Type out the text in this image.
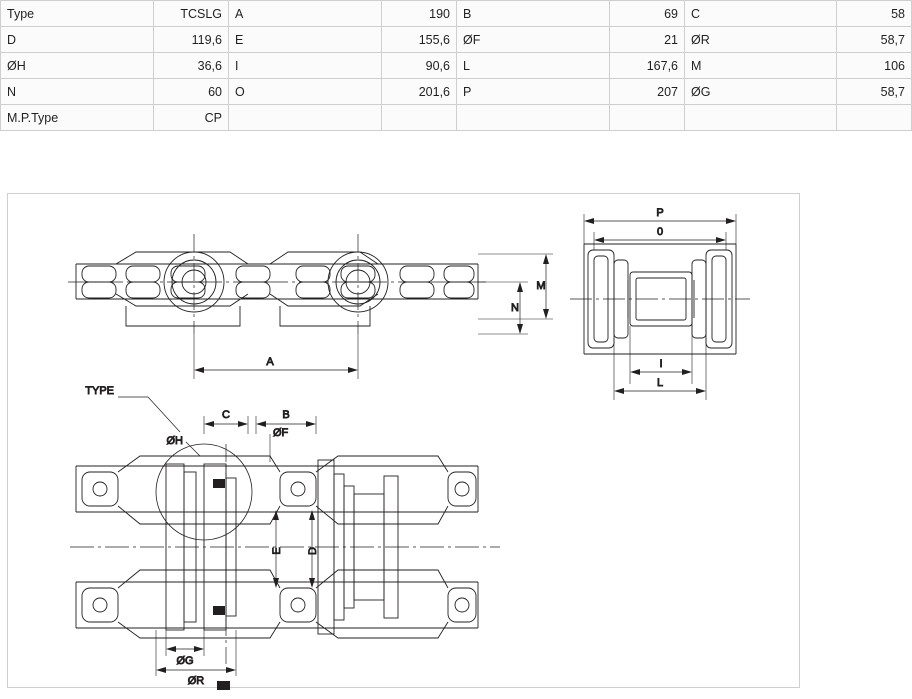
Type	TCSLG	A	190	B	69	C	58
D	119,6	E	155,6	ØF	21	ØR	58,7
ØH	36,6	I	90,6	L	167,6	M	106
N	60	O	201,6	P	207	ØG	58,7
M.P.Type	CP						
A
M
N
P
0
I
L
TYPE
C	B
ØH
ØF
E D
ØG
ØR
